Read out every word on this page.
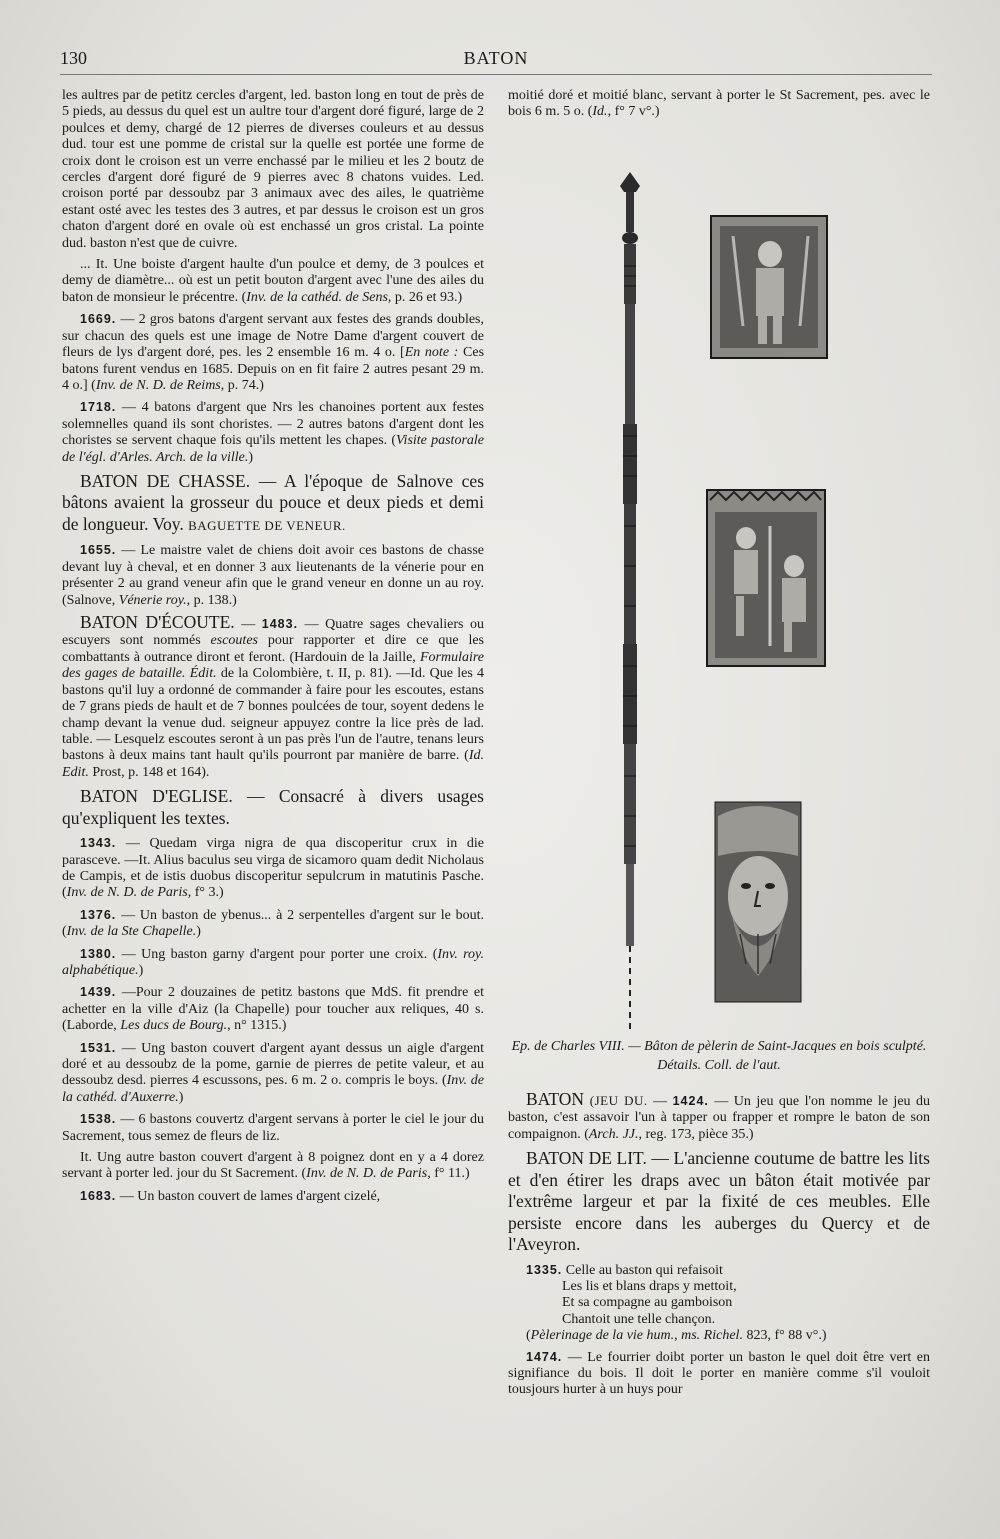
130	BATON

les aultres par de petitz cercles d'argent, led. baston long en tout de près de 5 pieds, au dessus du quel est un aultre tour d'argent doré figuré, large de 2 poulces et demy, chargé de 12 pierres de diverses couleurs et au dessus dud. tour est une pomme de cristal sur la quelle est portée une forme de croix dont le croison est un verre enchassé par le milieu et les 2 boutz de cercles d'argent doré figuré de 9 pierres avec 8 chatons vuides. Led. croison porté par dessoubz par 3 animaux avec des ailes, le quatrième estant osté avec les testes des 3 autres, et par dessus le croison est un gros chaton d'argent doré en ovale où est enchassé un gros cristal. La pointe dud. baston n'est que de cuivre.

... It. Une boiste d'argent haulte d'un poulce et demy, de 3 poulces et demy de diamètre... où est un petit bouton d'argent avec l'une des ailes du baton de monsieur le précentre. (Inv. de la cathéd. de Sens, p. 26 et 93.)

1669. — 2 gros batons d'argent servant aux festes des grands doubles, sur chacun des quels est une image de Notre Dame d'argent couvert de fleurs de lys d'argent doré, pes. les 2 ensemble 16 m. 4 o. [En note : Ces batons furent vendus en 1685. Depuis on en fit faire 2 autres pesant 29 m. 4 o.] (Inv. de N. D. de Reims, p. 74.)

1718. — 4 batons d'argent que Nrs les chanoines portent aux festes solemnelles quand ils sont choristes. — 2 autres batons d'argent dont les choristes se servent chaque fois qu'ils mettent les chapes. (Visite pastorale de l'égl. d'Arles. Arch. de la ville.)

BATON DE CHASSE. — A l'époque de Salnove ces bâtons avaient la grosseur du pouce et deux pieds et demi de longueur. Voy. BAGUETTE DE VENEUR.

1655. — Le maistre valet de chiens doit avoir ces bastons de chasse devant luy à cheval, et en donner 3 aux lieutenants de la vénerie pour en présenter 2 au grand veneur afin que le grand veneur en donne un au roy. (Salnove, Vénerie roy., p. 138.)

BATON D'ÉCOUTE. — 1483. — Quatre sages chevaliers ou escuyers sont nommés escoutes pour rapporter et dire ce que les combattants à outrance diront et feront. (Hardouin de la Jaille, Formulaire des gages de bataille. Édit. de la Colombière, t. II, p. 81). —Id. Que les 4 bastons qu'il luy a ordonné de commander à faire pour les escoutes, estans de 7 grans pieds de hault et de 7 bonnes poulcées de tour, soyent dedens le champ devant la venue dud. seigneur appuyez contre la lice près de lad. table. — Lesquelz escoutes seront à un pas près l'un de l'autre, tenans leurs bastons à deux mains tant hault qu'ils pourront par manière de barre. (Id. Edit. Prost, p. 148 et 164).

BATON D'EGLISE. — Consacré à divers usages qu'expliquent les textes.

1343. — Quedam virga nigra de qua discoperitur crux in die parasceve. —It. Alius baculus seu virga de sicamoro quam dedit Nicholaus de Campis, et de istis duobus discoperitur sepulcrum in matutinis Pasche. (Inv. de N. D. de Paris, f° 3.)

1376. — Un baston de ybenus... à 2 serpentelles d'argent sur le bout. (Inv. de la Ste Chapelle.)

1380. — Ung baston garny d'argent pour porter une croix. (Inv. roy. alphabétique.)

1439. —Pour 2 douzaines de petitz bastons que MdS. fit prendre et achetter en la ville d'Aiz (la Chapelle) pour toucher aux reliques, 40 s. (Laborde, Les ducs de Bourg., n° 1315.)

1531. — Ung baston couvert d'argent ayant dessus un aigle d'argent doré et au dessoubz de la pome, garnie de pierres de petite valeur, et au dessoubz desd. pierres 4 escussons, pes. 6 m. 2 o. compris le boys. (Inv. de la cathéd. d'Auxerre.)

1538. — 6 bastons couvertz d'argent servans à porter le ciel le jour du Sacrement, tous semez de fleurs de liz.

It. Ung autre baston couvert d'argent à 8 poignez dont en y a 4 dorez servant à porter led. jour du St Sacrement. (Inv. de N. D. de Paris, f° 11.)

1683. — Un baston couvert de lames d'argent cizelé,

moitié doré et moitié blanc, servant à porter le St Sacrement, pes. avec le bois 6 m. 5 o. (Id., f° 7 v°.)

Ep. de Charles VIII. — Bâton de pèlerin de Saint-Jacques en bois sculpté. Détails. Coll. de l'aut.

BATON (JEU DU. — 1424. — Un jeu que l'on nomme le jeu du baston, c'est assavoir l'un à tapper ou frapper et rompre le baton de son compaignon. (Arch. JJ., reg. 173, pièce 35.)

BATON DE LIT. — L'ancienne coutume de battre les lits et d'en étirer les draps avec un bâton était motivée par l'extrême largeur et par la fixité de ces meubles. Elle persiste encore dans les auberges du Quercy et de l'Aveyron.

1335. Celle au baston qui refaisoit
Les lis et blans draps y mettoit,
Et sa compagne au gamboison
Chantoit une telle chançon.
(Pèlerinage de la vie hum., ms. Richel. 823, f° 88 v°.)

1474. — Le fourrier doibt porter un baston le quel doit être vert en signifiance du bois. Il doit le porter en manière comme s'il vouloit tousjours hurter à un huys pour
